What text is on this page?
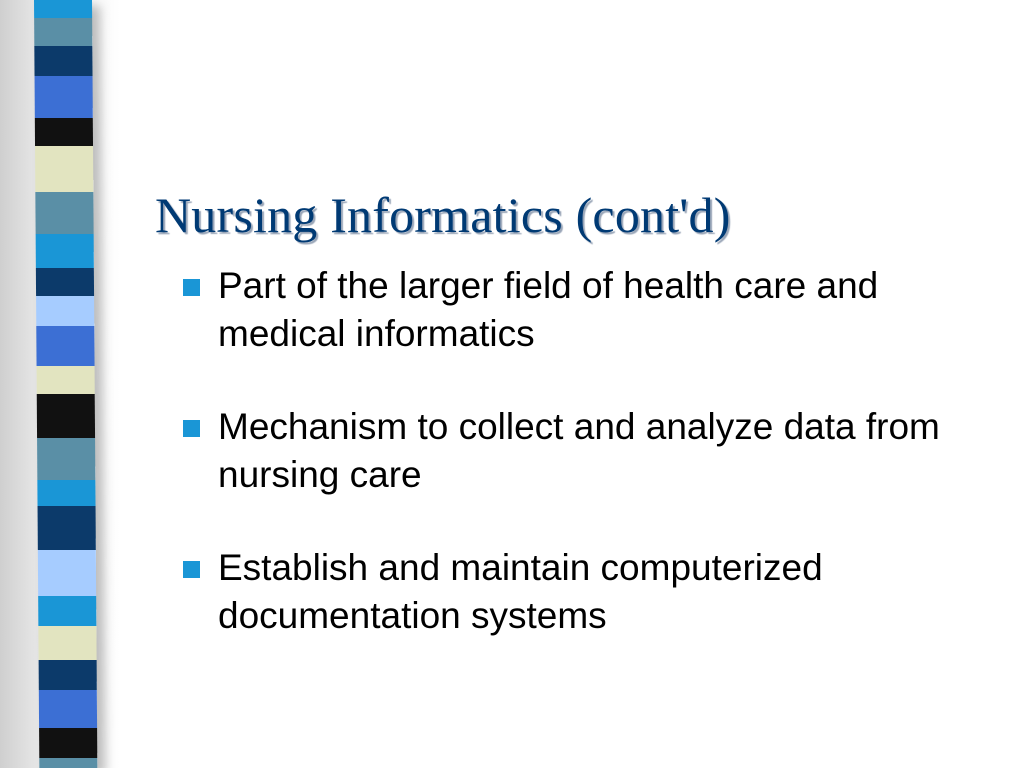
Nursing Informatics (cont'd)
Part of the larger field of health care and medical informatics
Mechanism to collect and analyze data from nursing care
Establish and maintain computerized documentation systems
